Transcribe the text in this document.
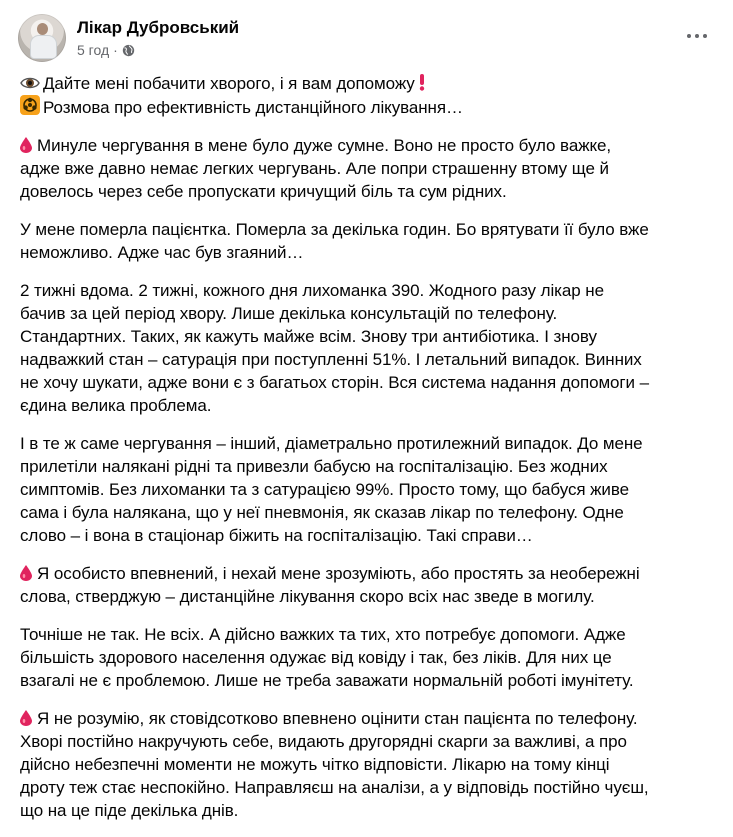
Лікар Дубровський
5 год ·

Дайте мені побачити хворого, і я вам допоможу
Розмова про ефективність дистанційного лікування…

Минуле чергування в мене було дуже сумне. Воно не просто було важке,
адже вже давно немає легких чергувань. Але попри страшенну втому ще й
довелось через себе пропускати кричущий біль та сум рідних.

У мене померла пацієнтка. Померла за декілька годин. Бо врятувати її було вже
неможливо. Адже час був згаяний…

2 тижні вдома. 2 тижні, кожного дня лихоманка 390. Жодного разу лікар не
бачив за цей період хвору. Лише декілька консультацій по телефону.
Стандартних. Таких, як кажуть майже всім. Знову три антибіотика. І знову
надважкий стан – сатурація при поступленні 51%. І летальний випадок. Винних
не хочу шукати, адже вони є з багатьох сторін. Вся система надання допомоги –
єдина велика проблема.

І в те ж саме чергування – інший, діаметрально протилежний випадок. До мене
прилетіли налякані рідні та привезли бабусю на госпіталізацію. Без жодних
симптомів. Без лихоманки та з сатурацією 99%. Просто тому, що бабуся живе
сама і була налякана, що у неї пневмонія, як сказав лікар по телефону. Одне
слово – і вона в стаціонар біжить на госпіталізацію. Такі справи…

Я особисто впевнений, і нехай мене зрозуміють, або простять за необережні
слова, стверджую – дистанційне лікування скоро всіх нас зведе в могилу.

Точніше не так. Не всіх. А дійсно важких та тих, хто потребує допомоги. Адже
більшість здорового населення одужає від ковіду і так, без ліків. Для них це
взагалі не є проблемою. Лише не треба заважати нормальній роботі імунітету.

Я не розумію, як стовідсотково впевнено оцінити стан пацієнта по телефону.
Хворі постійно накручують себе, видають другорядні скарги за важливі, а про
дійсно небезпечні моменти не можуть чітко відповісти. Лікарю на тому кінці
дроту теж стає неспокійно. Направляєш на аналізи, а у відповідь постійно чуєш,
що на це піде декілька днів.
